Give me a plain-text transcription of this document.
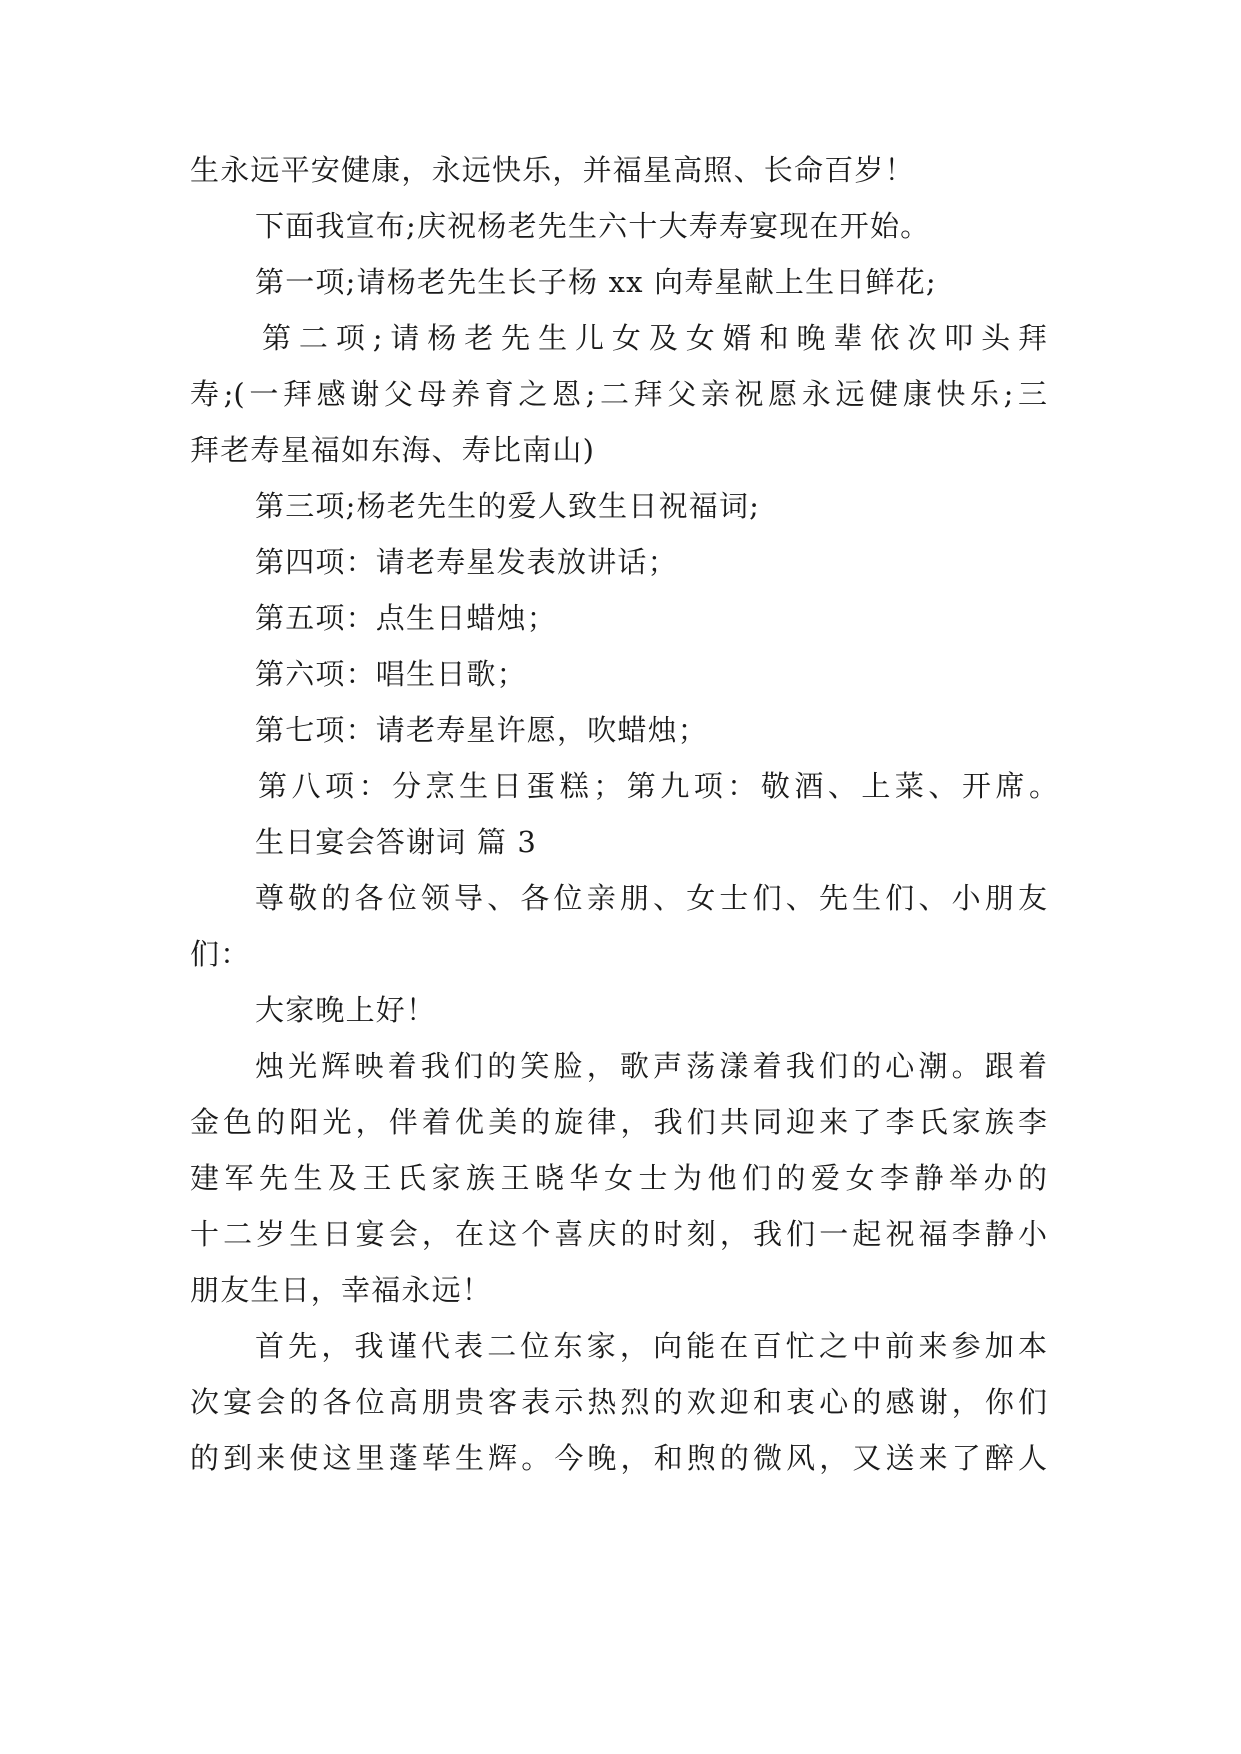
生永远平安健康，永远快乐，并福星高照、长命百岁！
下面我宣布;庆祝杨老先生六十大寿寿宴现在开始。
第一项;请杨老先生长子杨 xx 向寿星献上生日鲜花;
第二项;请杨老先生儿女及女婿和晚辈依次叩头拜
寿;(一拜感谢父母养育之恩;二拜父亲祝愿永远健康快乐;三
拜老寿星福如东海、寿比南山)
第三项;杨老先生的爱人致生日祝福词;
第四项：请老寿星发表放讲话；
第五项：点生日蜡烛；
第六项：唱生日歌；
第七项：请老寿星许愿，吹蜡烛；
第八项：分烹生日蛋糕；第九项：敬酒、上菜、开席。
生日宴会答谢词 篇 3
尊敬的各位领导、各位亲朋、女士们、先生们、小朋友
们：
大家晚上好！
烛光辉映着我们的笑脸，歌声荡漾着我们的心潮。跟着
金色的阳光，伴着优美的旋律，我们共同迎来了李氏家族李
建军先生及王氏家族王晓华女士为他们的爱女李静举办的
十二岁生日宴会，在这个喜庆的时刻，我们一起祝福李静小
朋友生日，幸福永远！
首先，我谨代表二位东家，向能在百忙之中前来参加本
次宴会的各位高朋贵客表示热烈的欢迎和衷心的感谢，你们
的到来使这里蓬荜生辉。今晚，和煦的微风，又送来了醉人
